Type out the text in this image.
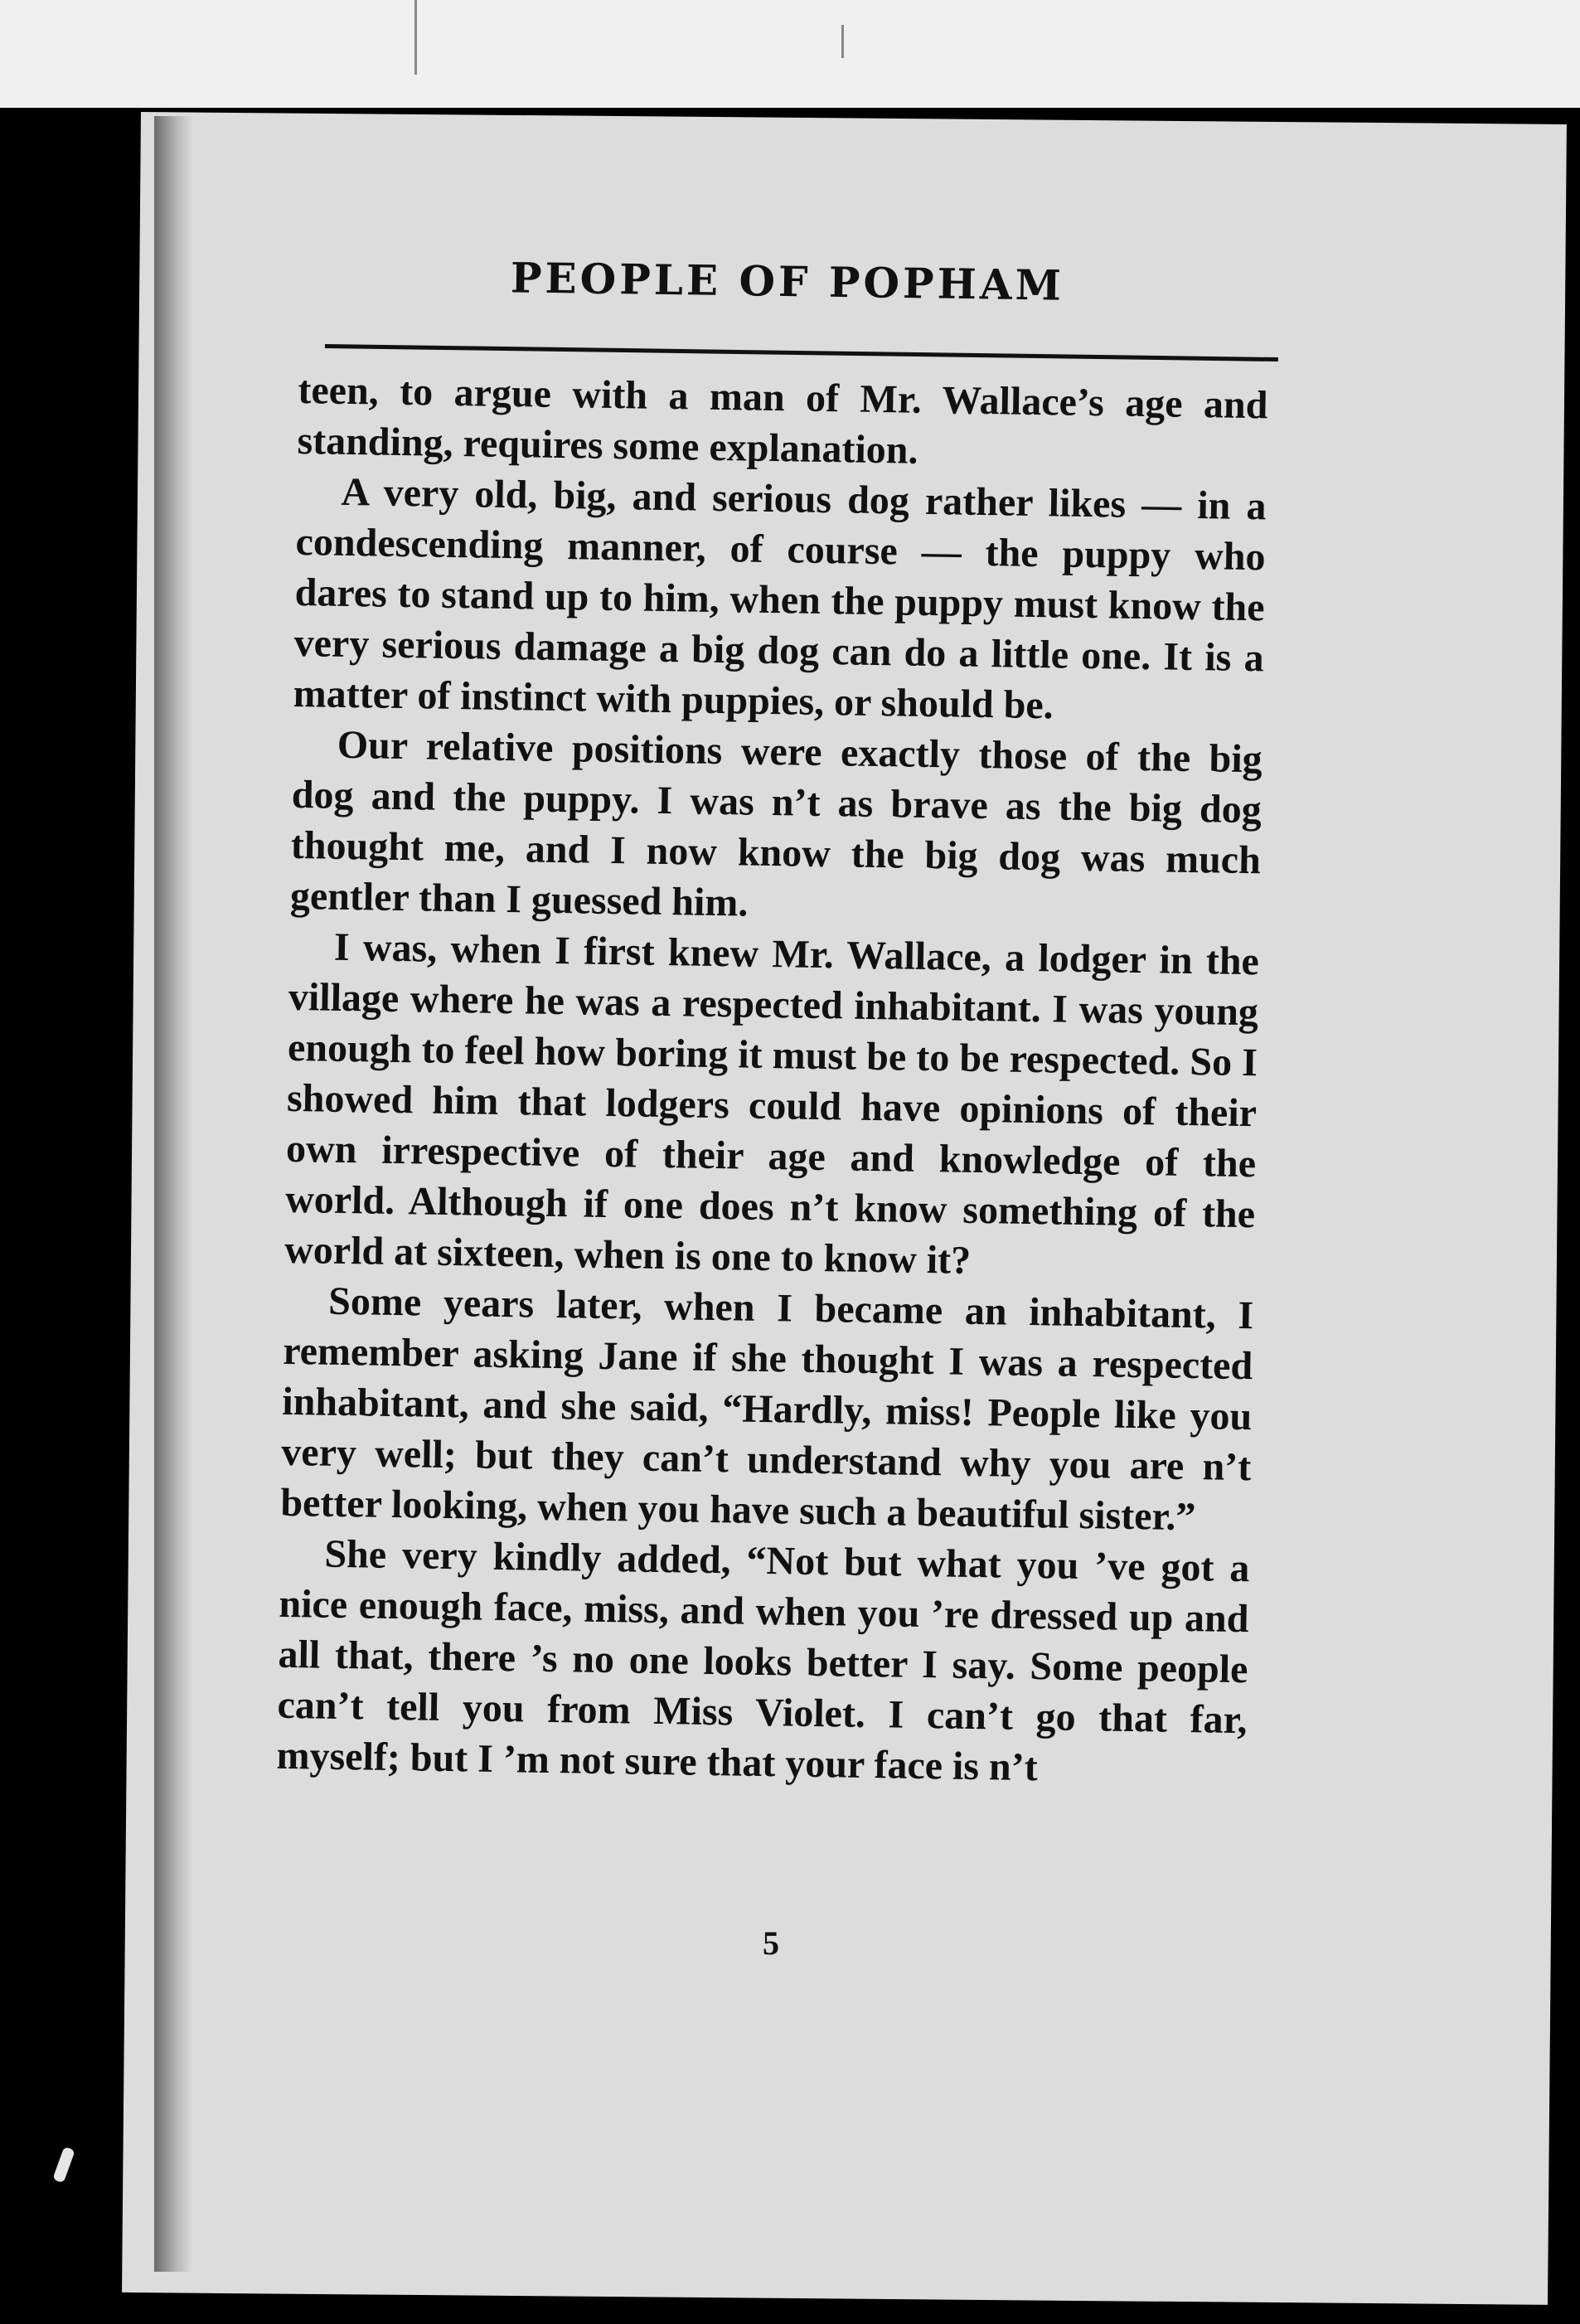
PEOPLE OF POPHAM

teen, to argue with a man of Mr. Wallace’s age and standing, requires some explanation.

A very old, big, and serious dog rather likes — in a condescending manner, of course — the puppy who dares to stand up to him, when the puppy must know the very serious damage a big dog can do a little one. It is a matter of instinct with puppies, or should be.

Our relative positions were exactly those of the big dog and the puppy. I was n’t as brave as the big dog thought me, and I now know the big dog was much gentler than I guessed him.

I was, when I first knew Mr. Wallace, a lodger in the village where he was a respected inhabitant. I was young enough to feel how boring it must be to be respected. So I showed him that lodgers could have opinions of their own irrespective of their age and knowledge of the world. Although if one does n’t know something of the world at sixteen, when is one to know it?

Some years later, when I became an inhabitant, I remember asking Jane if she thought I was a respected inhabitant, and she said, “Hardly, miss! People like you very well; but they can’t understand why you are n’t better looking, when you have such a beautiful sister.”

She very kindly added, “Not but what you ’ve got a nice enough face, miss, and when you ’re dressed up and all that, there ’s no one looks better I say. Some people can’t tell you from Miss Violet. I can’t go that far, myself; but I ’m not sure that your face is n’t

5
